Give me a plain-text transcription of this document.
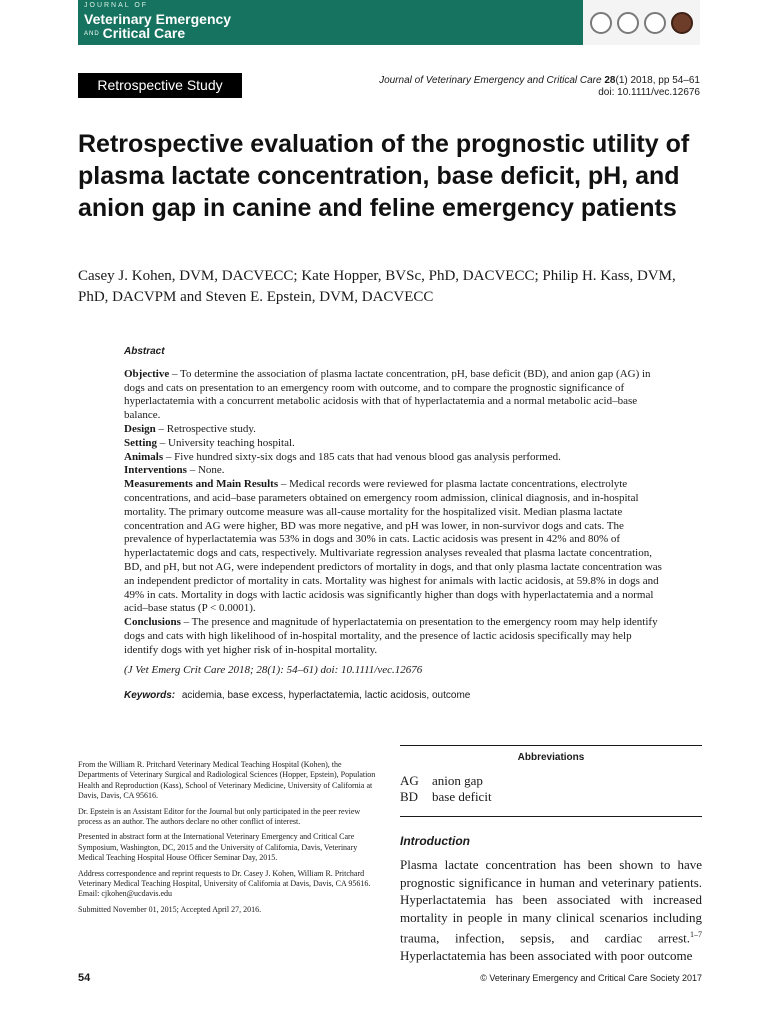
JOURNAL OF
Veterinary Emergency
AND Critical Care
Retrospective Study	Journal of Veterinary Emergency and Critical Care 28(1) 2018, pp 54–61
doi: 10.1111/vec.12676
Retrospective evaluation of the prognostic utility of plasma lactate concentration, base deficit, pH, and anion gap in canine and feline emergency patients
Casey J. Kohen, DVM, DACVECC; Kate Hopper, BVSc, PhD, DACVECC; Philip H. Kass, DVM, PhD, DACVPM and Steven E. Epstein, DVM, DACVECC
Abstract

Objective – To determine the association of plasma lactate concentration, pH, base deficit (BD), and anion gap (AG) in dogs and cats on presentation to an emergency room with outcome, and to compare the prognostic significance of hyperlactatemia with a concurrent metabolic acidosis with that of hyperlactatemia and a normal metabolic acid–base balance.

Design – Retrospective study.

Setting – University teaching hospital.

Animals – Five hundred sixty-six dogs and 185 cats that had venous blood gas analysis performed.

Interventions – None.

Measurements and Main Results – Medical records were reviewed for plasma lactate concentrations, electrolyte concentrations, and acid–base parameters obtained on emergency room admission, clinical diagnosis, and in-hospital mortality. The primary outcome measure was all-cause mortality for the hospitalized visit. Median plasma lactate concentration and AG were higher, BD was more negative, and pH was lower, in non-survivor dogs and cats. The prevalence of hyperlactatemia was 53% in dogs and 30% in cats. Lactic acidosis was present in 42% and 80% of hyperlactatemic dogs and cats, respectively. Multivariate regression analyses revealed that plasma lactate concentration, BD, and pH, but not AG, were independent predictors of mortality in dogs, and that only plasma lactate concentration was an independent predictor of mortality in cats. Mortality was highest for animals with lactic acidosis, at 59.8% in dogs and 49% in cats. Mortality in dogs with lactic acidosis was significantly higher than dogs with hyperlactatemia and a normal acid–base status (P < 0.0001).

Conclusions – The presence and magnitude of hyperlactatemia on presentation to the emergency room may help identify dogs and cats with high likelihood of in-hospital mortality, and the presence of lactic acidosis specifically may help identify dogs with yet higher risk of in-hospital mortality.

(J Vet Emerg Crit Care 2018; 28(1): 54–61) doi: 10.1111/vec.12676
Keywords: acidemia, base excess, hyperlactatemia, lactic acidosis, outcome

From the William R. Pritchard Veterinary Medical Teaching Hospital (Kohen), the Departments of Veterinary Surgical and Radiological Sciences (Hopper, Epstein), Population Health and Reproduction (Kass), School of Veterinary Medicine, University of California at Davis, Davis, CA 95616.

Dr. Epstein is an Assistant Editor for the Journal but only participated in the peer review process as an author. The authors declare no other conflict of interest.

Presented in abstract form at the International Veterinary Emergency and Critical Care Symposium, Washington, DC, 2015 and the University of California, Davis, Veterinary Medical Teaching Hospital House Officer Seminar Day, 2015.

Address correspondence and reprint requests to Dr. Casey J. Kohen, William R. Pritchard Veterinary Medical Teaching Hospital, University of California at Davis, Davis, CA 95616. Email: cjkohen@ucdavis.edu

Submitted November 01, 2015; Accepted April 27, 2016.

Abbreviations
AG	anion gap
BD	base deficit
Introduction
Plasma lactate concentration has been shown to have prognostic significance in human and veterinary patients. Hyperlactatemia has been associated with increased mortality in people in many clinical scenarios including trauma, infection, sepsis, and cardiac arrest.$^{1-7}$ Hyperlactatemia has been associated with poor outcome
54	© Veterinary Emergency and Critical Care Society 2017
